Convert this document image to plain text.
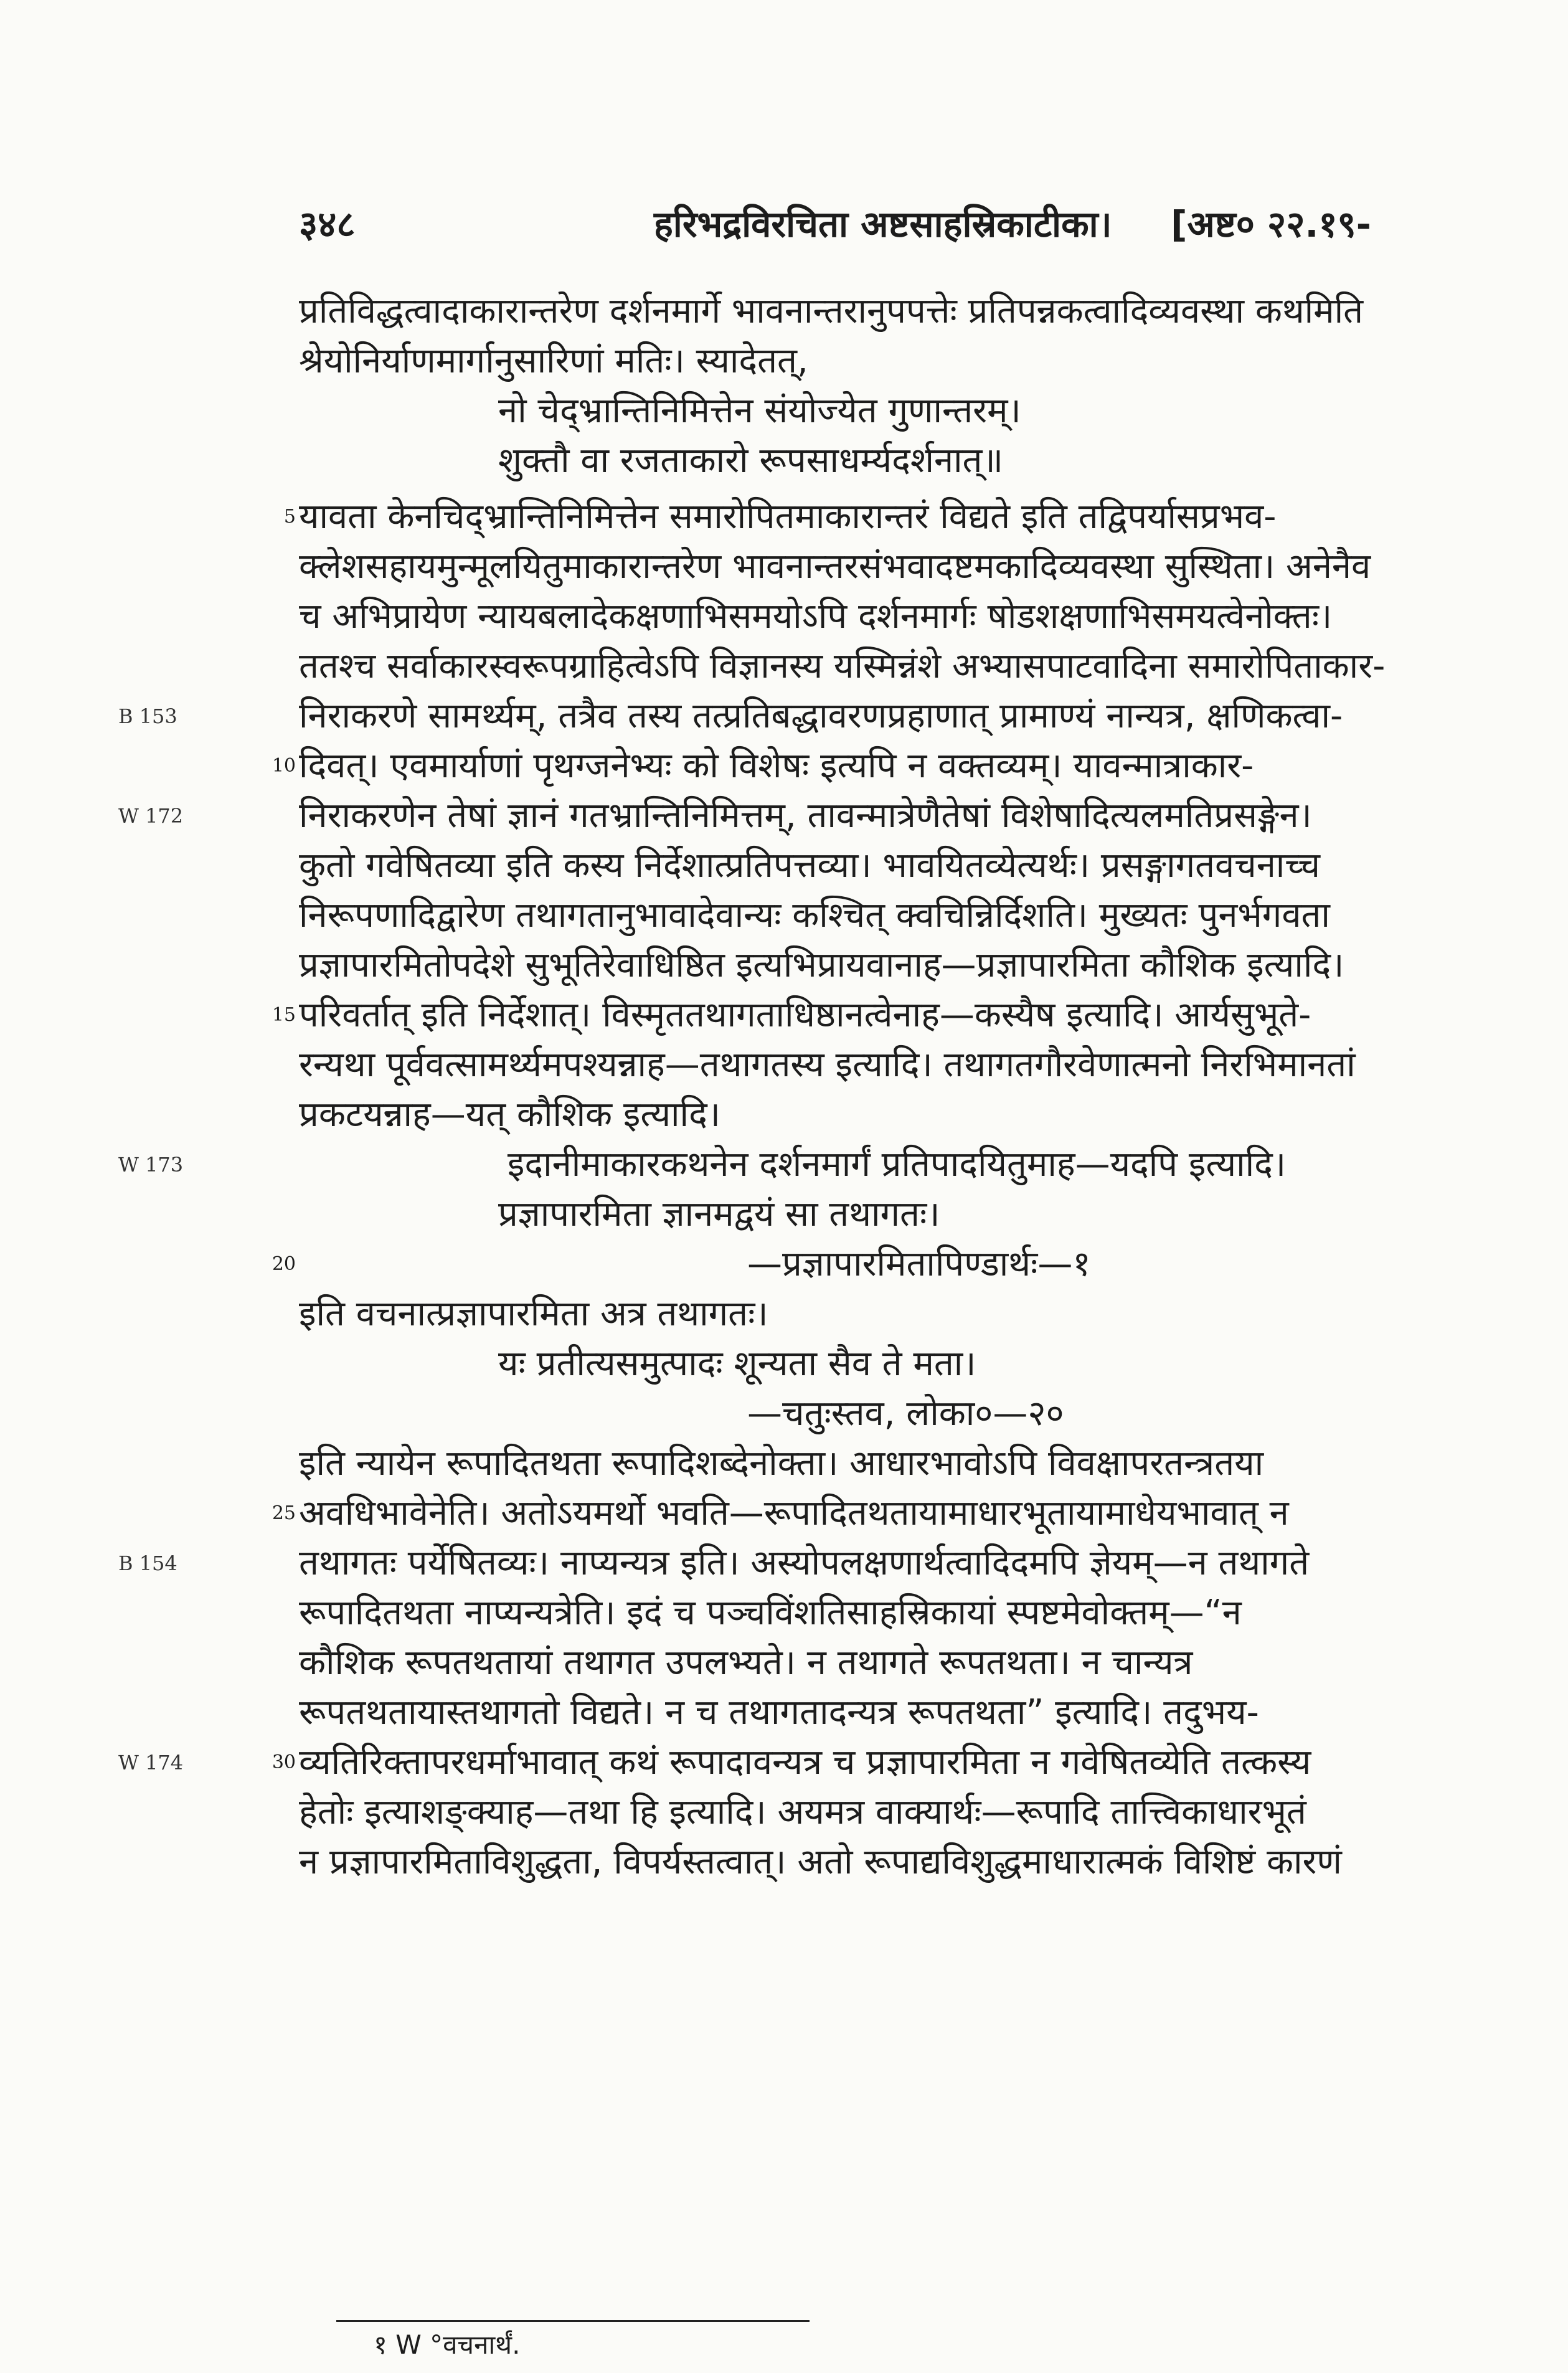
३४८	हरिभद्रविरचिता अष्टसाहस्रिकाटीका। [अष्ट० २२.१९-
प्रतिविद्धत्वादाकारान्तरेण दर्शनमार्गे भावनान्तरानुपपत्तेः प्रतिपन्नकत्वादिव्यवस्था कथमिति
श्रेयोनिर्याणमार्गानुसारिणां मतिः। स्यादेतत्,
नो चेद्भ्रान्तिनिमित्तेन संयोज्येत गुणान्तरम्।
शुक्तौ वा रजताकारो रूपसाधर्म्यदर्शनात्॥
5 यावता केनचिद्भ्रान्तिनिमित्तेन समारोपितमाकारान्तरं विद्यते इति तद्विपर्यासप्रभव-
क्लेशसहायमुन्मूलयितुमाकारान्तरेण भावनान्तरसंभवादष्टमकादिव्यवस्था सुस्थिता। अनेनैव
च अभिप्रायेण न्यायबलादेकक्षणाभिसमयोऽपि दर्शनमार्गः षोडशक्षणाभिसमयत्वेनोक्तः।
ततश्च सर्वाकारस्वरूपग्राहित्वेऽपि विज्ञानस्य यस्मिन्नंशे अभ्यासपाटवादिना समारोपिताकार-
B 153	निराकरणे सामर्थ्यम्, तत्रैव तस्य तत्प्रतिबद्धावरणप्रहाणात् प्रामाण्यं नान्यत्र, क्षणिकत्वा-
10 दिवत्। एवमार्याणां पृथग्जनेभ्यः को विशेषः इत्यपि न वक्तव्यम्। यावन्मात्राकार-
W 172	निराकरणेन तेषां ज्ञानं गतभ्रान्तिनिमित्तम्, तावन्मात्रेणैतेषां विशेषादित्यलमतिप्रसङ्गेन।
कुतो गवेषितव्या इति कस्य निर्देशात्प्रतिपत्तव्या। भावयितव्येत्यर्थः। प्रसङ्गागतवचनाच्च
निरूपणादिद्वारेण तथागतानुभावादेवान्यः कश्चित् क्वचिन्निर्दिशति। मुख्यतः पुनर्भगवता
प्रज्ञापारमितोपदेशे सुभूतिरेवाधिष्ठित इत्यभिप्रायवानाह—प्रज्ञापारमिता कौशिक इत्यादि।
15 परिवर्तात् इति निर्देशात्। विस्मृततथागताधिष्ठानत्वेनाह—कस्यैष इत्यादि। आर्यसुभूते-
रन्यथा पूर्ववत्सामर्थ्यमपश्यन्नाह—तथागतस्य इत्यादि। तथागतगौरवेणात्मनो निरभिमानतां
प्रकटयन्नाह—यत् कौशिक इत्यादि।
W 173	इदानीमाकारकथनेन दर्शनमार्गं प्रतिपादयितुमाह—यदपि इत्यादि।
प्रज्ञापारमिता ज्ञानमद्वयं सा तथागतः।
20	—प्रज्ञापारमितापिण्डार्थः—१
इति वचनात्प्रज्ञापारमिता अत्र तथागतः।
यः प्रतीत्यसमुत्पादः शून्यता सैव ते मता।
—चतुःस्तव, लोका०—२०
इति न्यायेन रूपादितथता रूपादिशब्देनोक्ता। आधारभावोऽपि विवक्षापरतन्त्रतया
25 अवधिभावेनेति। अतोऽयमर्थो भवति—रूपादितथतायामाधारभूतायामाधेयभावात् न
B 154	तथागतः पर्येषितव्यः। नाप्यन्यत्र इति। अस्योपलक्षणार्थत्वादिदमपि ज्ञेयम्—न तथागते
रूपादितथता नाप्यन्यत्रेति। इदं च पञ्चविंशतिसाहस्रिकायां स्पष्टमेवोक्तम्—“न
कौशिक रूपतथतायां तथागत उपलभ्यते। न तथागते रूपतथता। न चान्यत्र
रूपतथतायास्तथागतो विद्यते। न च तथागतादन्यत्र रूपतथता” इत्यादि। तदुभय-
30
W 174	व्यतिरिक्तापरधर्माभावात् कथं रूपादावन्यत्र च प्रज्ञापारमिता न गवेषितव्येति तत्कस्य
हेतोः इत्याशङ्क्याह—तथा हि इत्यादि। अयमत्र वाक्यार्थः—रूपादि तात्त्विकाधारभूतं
न प्रज्ञापारमिताविशुद्धता, विपर्यस्तत्वात्। अतो रूपाद्यविशुद्धमाधारात्मकं विशिष्टं कारणं
१ W °वचनार्थं.
